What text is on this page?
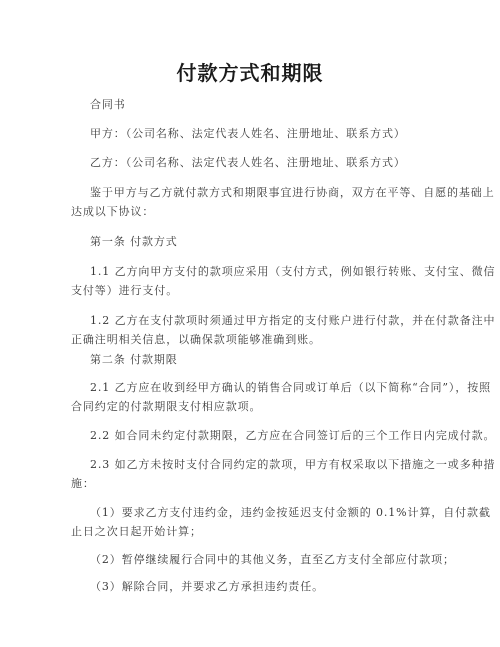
付款方式和期限
合同书
甲方：（公司名称、法定代表人姓名、注册地址、联系方式）
乙方：（公司名称、法定代表人姓名、注册地址、联系方式）
鉴于甲方与乙方就付款方式和期限事宜进行协商，双方在平等、自愿的基础上
达成以下协议：
第一条 付款方式
1.1 乙方向甲方支付的款项应采用（支付方式，例如银行转账、支付宝、微信
支付等）进行支付。
1.2 乙方在支付款项时须通过甲方指定的支付账户进行付款，并在付款备注中
正确注明相关信息，以确保款项能够准确到账。
第二条 付款期限
2.1 乙方应在收到经甲方确认的销售合同或订单后（以下简称“合同”），按照
合同约定的付款期限支付相应款项。
2.2 如合同未约定付款期限，乙方应在合同签订后的三个工作日内完成付款。
2.3 如乙方未按时支付合同约定的款项，甲方有权采取以下措施之一或多种措
施：
（1）要求乙方支付违约金，违约金按延迟支付金额的 0.1%计算，自付款截
止日之次日起开始计算；
（2）暂停继续履行合同中的其他义务，直至乙方支付全部应付款项；
（3）解除合同，并要求乙方承担违约责任。
